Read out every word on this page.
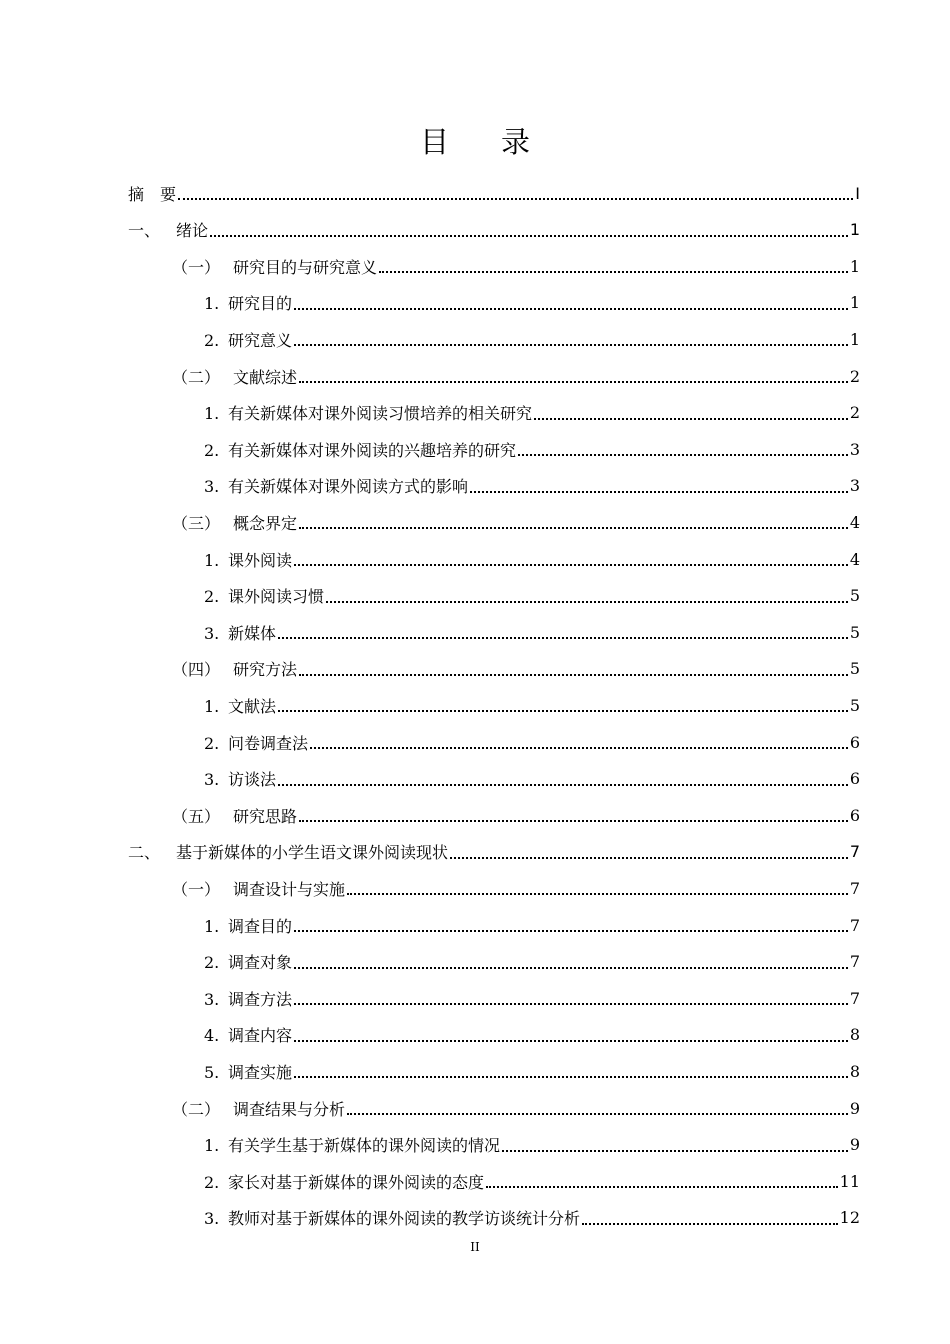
目录
摘　要	I
一、 绪论	1
（一） 研究目的与研究意义	1
1. 研究目的	1
2. 研究意义	1
（二） 文献综述	2
1. 有关新媒体对课外阅读习惯培养的相关研究	2
2. 有关新媒体对课外阅读的兴趣培养的研究	3
3. 有关新媒体对课外阅读方式的影响	3
（三） 概念界定	4
1. 课外阅读	4
2. 课外阅读习惯	5
3. 新媒体	5
（四） 研究方法	5
1. 文献法	5
2. 问卷调查法	6
3. 访谈法	6
（五） 研究思路	6
二、 基于新媒体的小学生语文课外阅读现状	7
（一） 调查设计与实施	7
1. 调查目的	7
2. 调查对象	7
3. 调查方法	7
4. 调查内容	8
5. 调查实施	8
（二） 调查结果与分析	9
1. 有关学生基于新媒体的课外阅读的情况	9
2. 家长对基于新媒体的课外阅读的态度	11
3. 教师对基于新媒体的课外阅读的教学访谈统计分析	12
II
